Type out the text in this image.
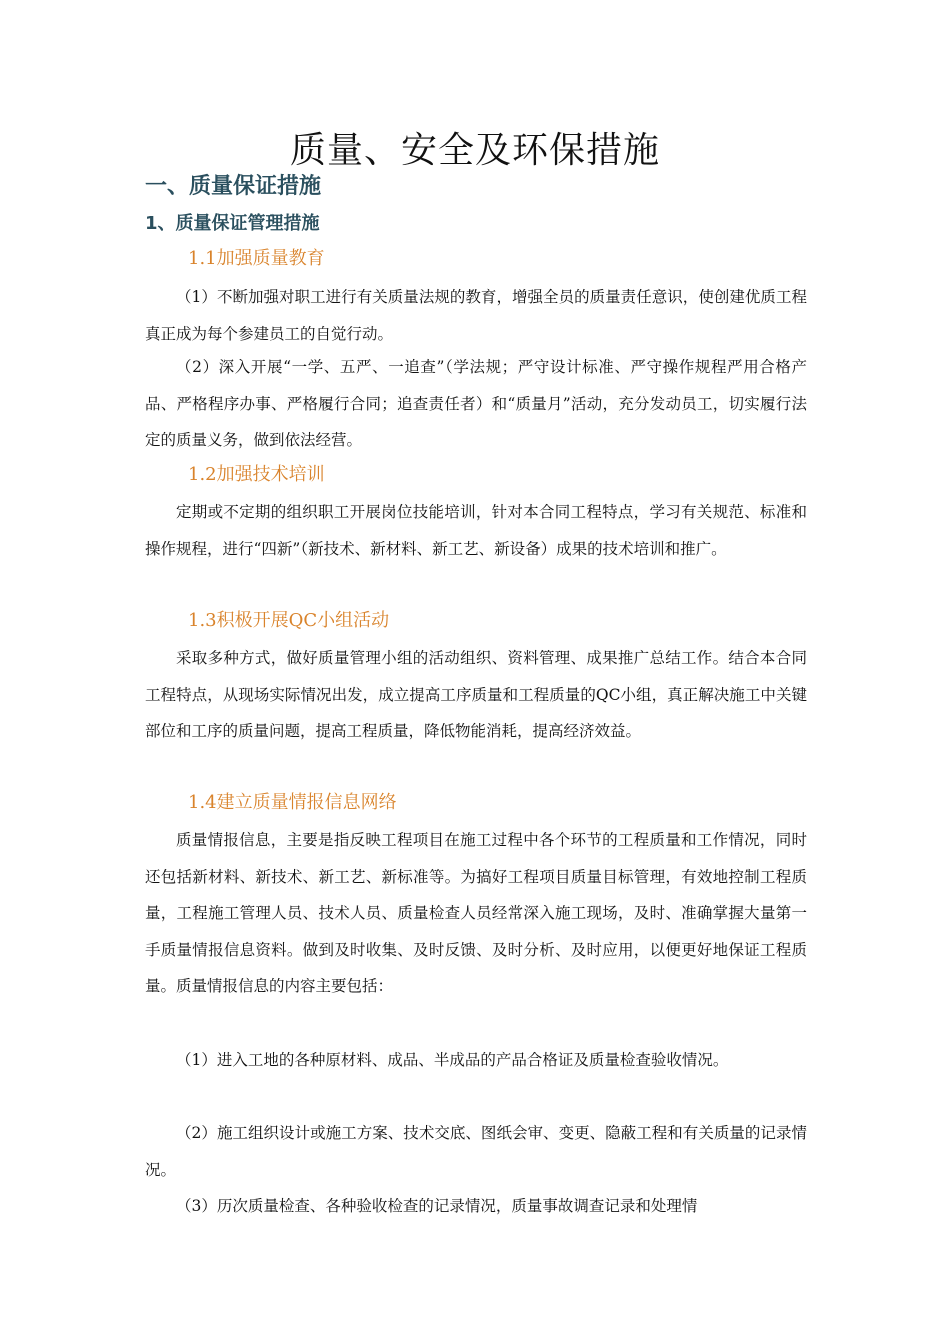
质量、安全及环保措施
一、质量保证措施
1、质量保证管理措施
1.1加强质量教育

（1）不断加强对职工进行有关质量法规的教育，增强全员的质量责任意识，使创建优质工程真正成为每个参建员工的自觉行动。

（2）深入开展“一学、五严、一追查”（学法规；严守设计标准、严守操作规程严用合格产品、严格程序办事、严格履行合同；追查责任者）和“质量月”活动，充分发动员工，切实履行法定的质量义务，做到依法经营。

1.2加强技术培训

定期或不定期的组织职工开展岗位技能培训，针对本合同工程特点，学习有关规范、标准和操作规程，进行“四新”（新技术、新材料、新工艺、新设备）成果的技术培训和推广。

1.3积极开展QC小组活动

采取多种方式，做好质量管理小组的活动组织、资料管理、成果推广总结工作。结合本合同工程特点，从现场实际情况出发，成立提高工序质量和工程质量的QC小组，真正解决施工中关键部位和工序的质量问题，提高工程质量，降低物能消耗，提高经济效益。

1.4建立质量情报信息网络

质量情报信息，主要是指反映工程项目在施工过程中各个环节的工程质量和工作情况，同时还包括新材料、新技术、新工艺、新标准等。为搞好工程项目质量目标管理，有效地控制工程质量，工程施工管理人员、技术人员、质量检查人员经常深入施工现场，及时、准确掌握大量第一手质量情报信息资料。做到及时收集、及时反馈、及时分析、及时应用，以便更好地保证工程质量。质量情报信息的内容主要包括：

（1）进入工地的各种原材料、成品、半成品的产品合格证及质量检查验收情况。

（2）施工组织设计或施工方案、技术交底、图纸会审、变更、隐蔽工程和有关质量的记录情况。

（3）历次质量检查、各种验收检查的记录情况，质量事故调查记录和处理情
